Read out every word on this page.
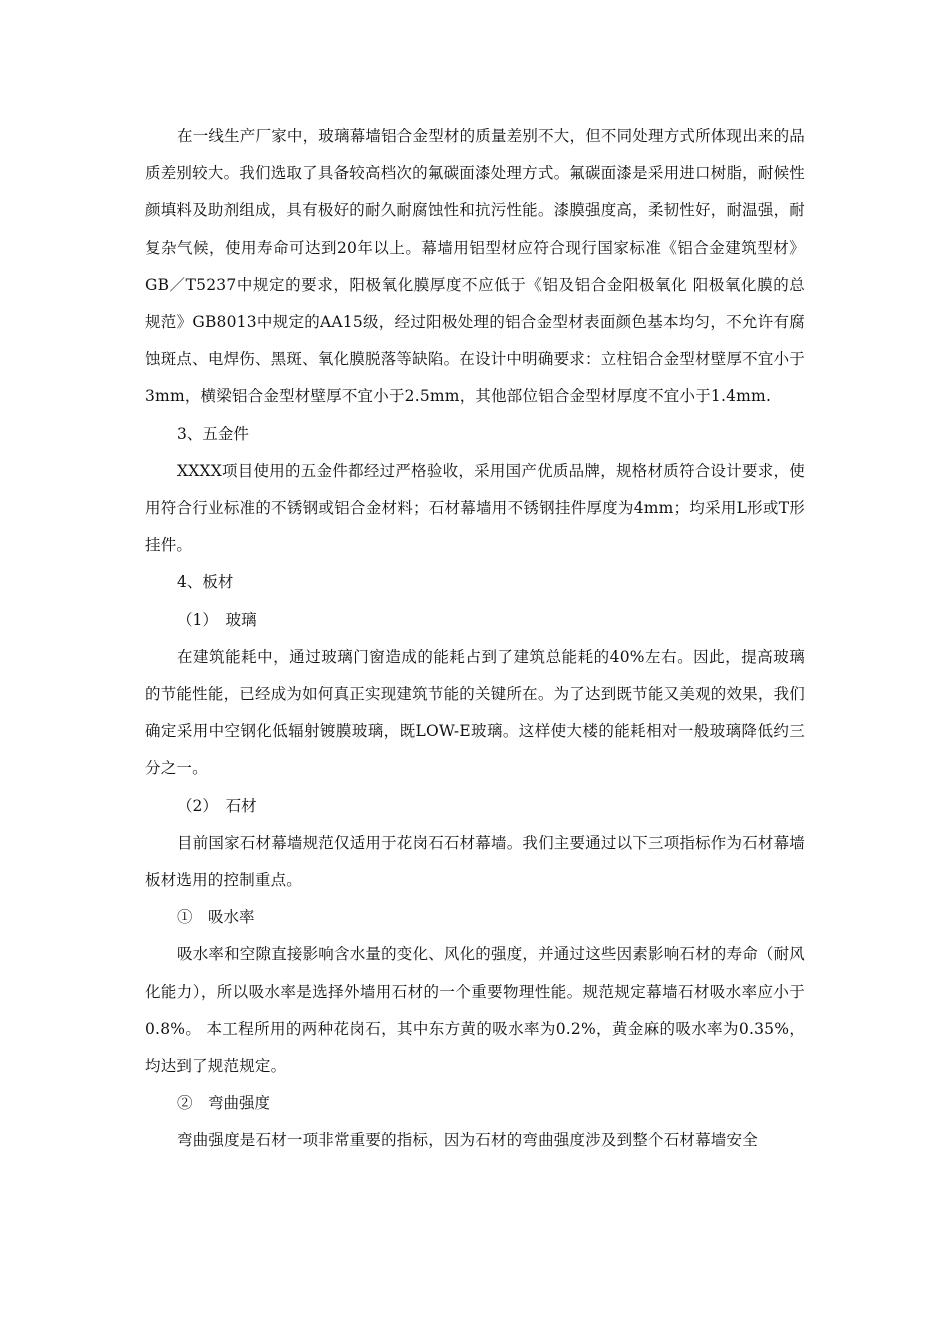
在一线生产厂家中，玻璃幕墙铝合金型材的质量差别不大，但不同处理方式所体现出来的品质差别较大。我们选取了具备较高档次的氟碳面漆处理方式。氟碳面漆是采用进口树脂，耐候性颜填料及助剂组成，具有极好的耐久耐腐蚀性和抗污性能。漆膜强度高，柔韧性好，耐温强，耐复杂气候，使用寿命可达到20年以上。幕墙用铝型材应符合现行国家标准《铝合金建筑型材》GB／T5237中规定的要求，阳极氧化膜厚度不应低于《铝及铝合金阳极氧化 阳极氧化膜的总规范》GB8013中规定的AA15级，经过阳极处理的铝合金型材表面颜色基本均匀，不允许有腐蚀斑点、电焊伤、黑斑、氧化膜脱落等缺陷。在设计中明确要求：立柱铝合金型材壁厚不宜小于3mm，横梁铝合金型材壁厚不宜小于2.5mm，其他部位铝合金型材厚度不宜小于1.4mm.

3、五金件

XXXX项目使用的五金件都经过严格验收，采用国产优质品牌，规格材质符合设计要求，使用符合行业标准的不锈钢或铝合金材料；石材幕墙用不锈钢挂件厚度为4mm；均采用L形或T形挂件。

4、板材

（1）　玻璃

在建筑能耗中，通过玻璃门窗造成的能耗占到了建筑总能耗的40%左右。因此，提高玻璃的节能性能，已经成为如何真正实现建筑节能的关键所在。为了达到既节能又美观的效果，我们确定采用中空钢化低辐射镀膜玻璃，既LOW-E玻璃。这样使大楼的能耗相对一般玻璃降低约三分之一。

（2）　石材

目前国家石材幕墙规范仅适用于花岗石石材幕墙。我们主要通过以下三项指标作为石材幕墙板材选用的控制重点。

①　吸水率

吸水率和空隙直接影响含水量的变化、风化的强度，并通过这些因素影响石材的寿命（耐风化能力），所以吸水率是选择外墙用石材的一个重要物理性能。规范规定幕墙石材吸水率应小于0.8%。 本工程所用的两种花岗石，其中东方黄的吸水率为0.2%，黄金麻的吸水率为0.35%，均达到了规范规定。

②　弯曲强度

弯曲强度是石材一项非常重要的指标，因为石材的弯曲强度涉及到整个石材幕墙安全
